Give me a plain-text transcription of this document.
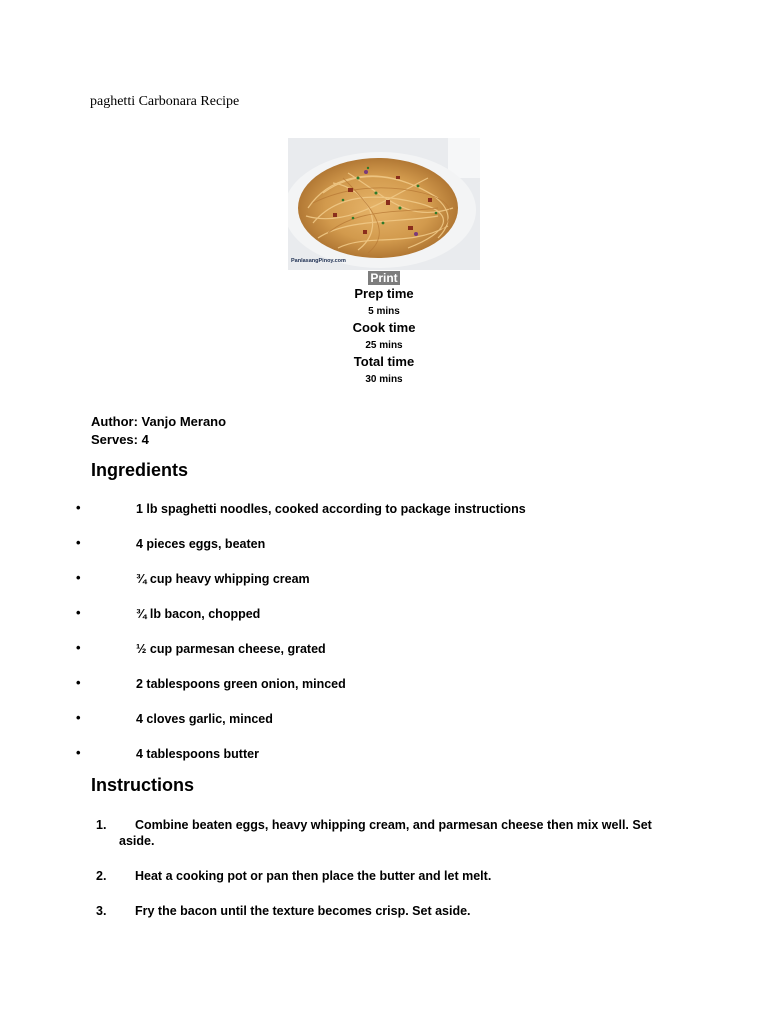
paghetti Carbonara Recipe
PanlasangPinoy.com
Print
Prep time
5 mins
Cook time
25 mins
Total time
30 mins
Author: Vanjo Merano
Serves: 4
Ingredients
•	1 lb spaghetti noodles, cooked according to package instructions
•	4 pieces eggs, beaten
•	¾ cup heavy whipping cream
•	¾ lb bacon, chopped
•	½ cup parmesan cheese, grated
•	2 tablespoons green onion, minced
•	4 cloves garlic, minced
•	4 tablespoons butter
Instructions
1.	Combine beaten eggs, heavy whipping cream, and parmesan cheese then mix well. Set aside.
2.	Heat a cooking pot or pan then place the butter and let melt.
3.	Fry the bacon until the texture becomes crisp. Set aside.
